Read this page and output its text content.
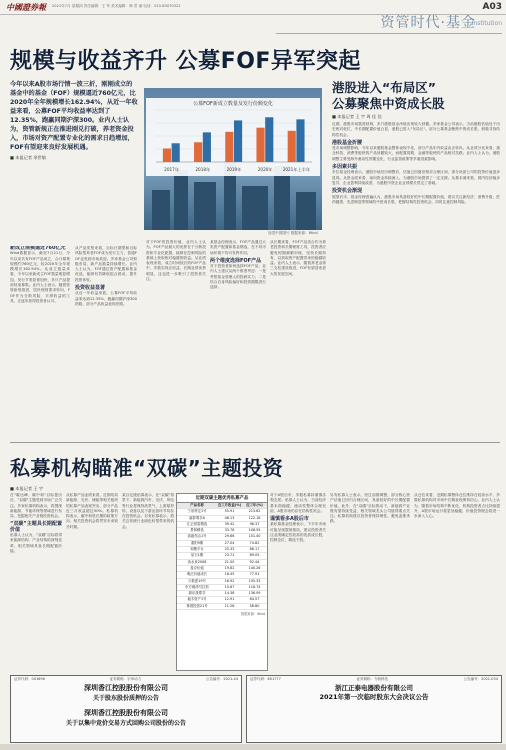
中國證券報 2021年7月 星期四 责任编辑：王 军 美术编辑：韩 景 丽 电话：010-63070322	A03
资管时代·基金
Institution
规模与收益齐升 公募FOF异军突起
今年以来A股市场行情一波三折，刚刚成立的基金中的基金（FOF）规模逼近760亿元，比2020年全年规模增长162.94%，从近一年收益来看，公募FOF平均收益率达到了12.35%，跑赢同期沪深300。业内人士认为，资管新规正在推进刚兑打破，养老资金投入，市场对资产配置专业化的需求日趋增加，FOF有望迎来良好发展机遇。
■ 本报记者 余世敏
公募FOF新成立数量及发行份额变化
2017年	2018年	2019年	2020年 2021年上半年
视觉中国图片 数据来源：Wind
新成立规模逼近760亿元
Wind数据显示，截至7月21日，今年以来共有FOF产品成立，合计募集规模约760亿元，较2020年全年规模增长162.94%。从成立数量来看，今年以来新成立FOF数量明显增加，发行节奏显著加快，多只产品提前结束募集。业内人士表示，随着资管新规推进，居民理财需求转向，FOF作为分散风险、平滑收益的工具，正逐步获得投资者认可。
从产品类型来看，目标日期型和目标风险型养老FOF成为发行主力，普通FOF也受到市场欢迎。多家基金公司积极布局，新产品数量持续增长。业内人士认为，FOF通过资产配置和基金优选，能够有效降低组合波动，提升投资体验。
投资收益显著
从近一年收益来看，公募FOF平均收益率达到12.35%，跑赢同期沪深300指数，部分产品收益表现亮眼。
对于FOF的投资价值，业内人士认为，FOF产品最大的优势在于分散投资和专业化配置，能够在控制风险的基础上获取相对稳健的收益。从业绩表现来看，成立时间较长的FOF产品中，多数实现正收益，长期业绩优势明显，这也进一步吸引了投资者关注。
某基金经理表示，FOF产品通过大类资产配置和基金筛选，在不同市场环境下均可发挥作用。
两个维度选择FOF产品
对于投资者如何选择FOF产品，业内人士建议从两个维度考虑：一是考察基金管理人的投研实力；二是结合自身风险偏好和投资期限进行选择。
从长期来看，FOF产品适合作为养老投资和长期理财工具，投资者应避免短期频繁申赎，坚持长期持有，以获取资产配置带来的稳健收益。业内人士表示，随着养老金第三支柱建设推进，FOF有望迎来更大的发展空间。
港股进入“布局区”
公募聚焦中资成长股
■ 本报记者 王 宇 周 佳 佳
近期，港股市场震荡回调，多只港股基金净值出现较大回撤。多家基金公司表示，当前港股估值处于历史相对低位，中长期配置价值凸显，港股已进入"布局区"。部分公募基金聚焦中资成长股，积极寻找结构性机会。
港股基金折腰
受市场调整影响，今年以来港股基金整体表现不佳，部分产品年内收益由正转负。从业绩分化来看，重仓科技、消费等板块的产品回撤较大，而配置周期、金融等板块的产品相对抗跌。业内人士认为，港股调整主要受海外流动性预期变化、行业监管政策等多重因素影响。
多因素共振
多位基金经理表示，港股市场经历调整后，估值已回落至相对合理区间，部分优质公司的投资价值逐步显现。从资金面来看，南向资金持续流入，为港股市场提供了一定支撑。从基本面来看，国内经济稳步复苏，企业盈利持续改善，为港股中资企业业绩增长奠定了基础。
投资机会渐现
展望后市，基金经理普遍认为，港股市场具备较好的中长期配置价值，建议关注新经济、消费升级、医药健康、先进制造等领域的中资成长股，把握结构性投资机会，同时注意控制风险。
私募机构瞄准“双碳”主题投资
■ 本报记者 王 宇
在"碳达峰、碳中和"目标提出后，"双碳"主题受到市场广泛关注。多家私募机构表示，将围绕新能源、节能环保等领域进行布局，挖掘相关产业链投资机会。
“双碳”主题具长期配置价值
私募人士认为，"双碳"目标将带来能源结构、产业结构的深刻变革，相关领域具备长期配置价值。
从私募产品业绩来看，近期布局新能源、光伏、储能等相关板块的私募产品表现突出，部分产品近三月收益超过50%。私募机构表示，碳中和是长期的政策方向，相关投资机会将贯穿未来较长时期。
某百亿级私募表示，在"双碳"背景下，新能源汽车、光伏、风电等行业将保持高景气，上游原材料、设备以及下游运营环节均存在投资机会。另有私募表示，将关注传统行业绿色转型带来的机会。
近期双碳主题优秀私募产品
产品名称	近三月收益(%)	近三年(%)
宁泉特定1号	55.91	213.62
睿郡尊享A	46.13	122.18
汇正财富精选	39.42	96.37
景林精选	33.78	108.55
高毅邻山1号	29.66	151.40
重阳9期	27.04	74.82
和聚平台	25.33	88.17
星石1期	23.71	69.05
淡水泉2008	21.50	92.44
盘京价值	19.82	140.26
明汯价值成长	18.45	77.91
少数派19号	16.92	105.33
东方港湾马拉松	15.67	118.74
源乐晟尊享	14.38	136.09
毅木资产1号	12.91	64.57
林园投资21号	11.26	58.80
数据来源：Wind
对于A股后市，多数私募持谨慎乐观态度。私募人士认为，当前经济基本面稳健，流动性整体合理充裕，A股市场仍存在结构性机会。
谨慎看多A股后市
某私募基金经理表示，下半年市场可能呈现震荡格局，建议投资者关注业绩确定性较高的优质成长股，控制仓位，精选个股。
另有私募人士表示，经过前期调整，部分核心资产估值已回归合理区间，具备较好的中长期配置价值。此外，在"双碳"目标推动下，新能源产业链有望持续受益，相关领域龙头公司值得重点关注。私募机构建议投资者保持理性，避免追涨杀跌。
从仓位来看，近期私募整体仓位维持在较高水平，多数私募机构对市场中长期表现保持信心。业内人士认为，随着市场结构不断优化，机构投资者占比持续提升，A股市场运行将更加稳健，价值投资理念将进一步深入人心。
证券代码：001696	证券简称：宗申动力	公告编号：2021-44
深圳香江控股股份有限公司
关于股东股份质押的公告
深圳香江控股股份有限公司
关于以集中竞价交易方式回购公司股份的公告
证券代码：601777	证券简称：力帆科技	公告编号：2021-034
浙江正泰电器股份有限公司
2021年第一次临时股东大会决议公告
